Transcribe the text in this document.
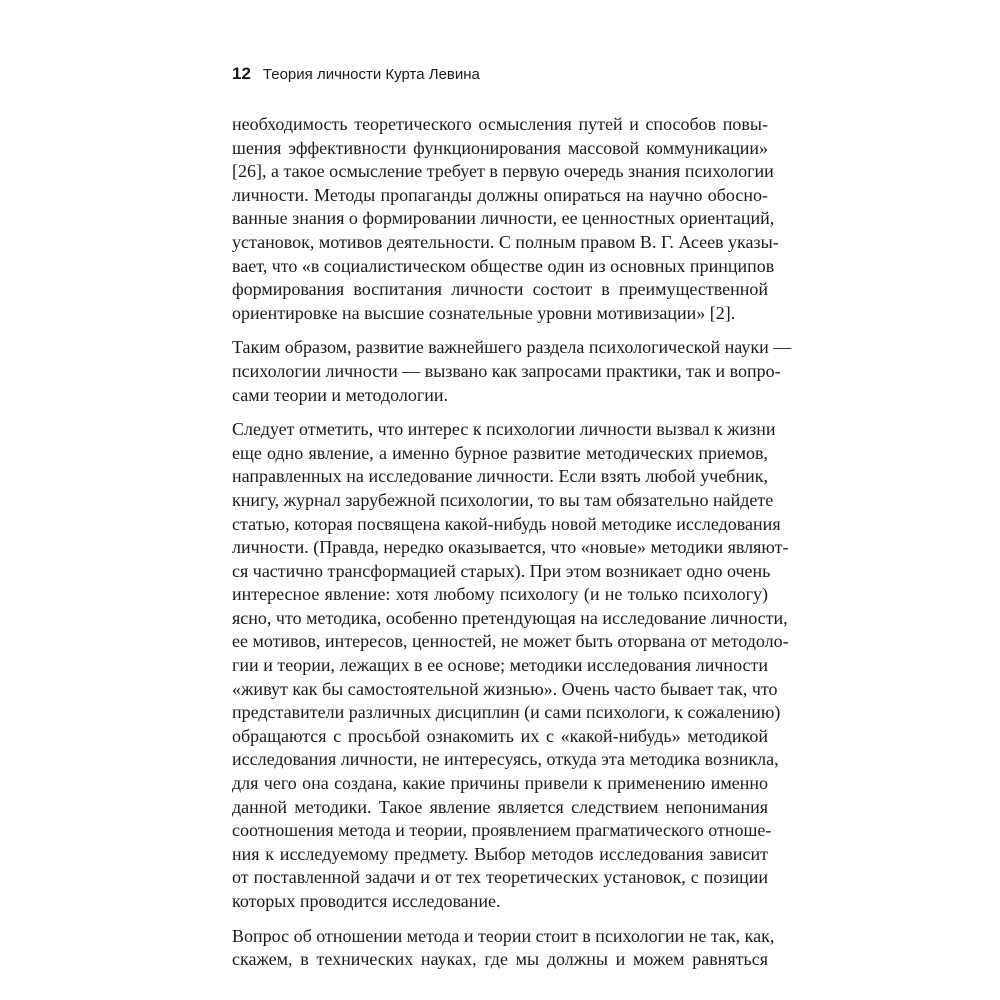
12 Теория личности Курта Левина
необходимость теоретического осмысления путей и способов повы-
шения эффективности функционирования массовой коммуникации»
[26], а такое осмысление требует в первую очередь знания психологии
личности. Методы пропаганды должны опираться на научно обосно-
ванные знания о формировании личности, ее ценностных ориентаций,
установок, мотивов деятельности. С полным правом В. Г. Асеев указы-
вает, что «в социалистическом обществе один из основных принципов
формирования воспитания личности состоит в преимущественной
ориентировке на высшие сознательные уровни мотивизации» [2].
Таким образом, развитие важнейшего раздела психологической науки —
психологии личности — вызвано как запросами практики, так и вопро-
сами теории и методологии.
Следует отметить, что интерес к психологии личности вызвал к жизни
еще одно явление, а именно бурное развитие методических приемов,
направленных на исследование личности. Если взять любой учебник,
книгу, журнал зарубежной психологии, то вы там обязательно найдете
статью, которая посвящена какой-нибудь новой методике исследования
личности. (Правда, нередко оказывается, что «новые» методики являют-
ся частично трансформацией старых). При этом возникает одно очень
интересное явление: хотя любому психологу (и не только психологу)
ясно, что методика, особенно претендующая на исследование личности,
ее мотивов, интересов, ценностей, не может быть оторвана от методоло-
гии и теории, лежащих в ее основе; методики исследования личности
«живут как бы самостоятельной жизнью». Очень часто бывает так, что
представители различных дисциплин (и сами психологи, к сожалению)
обращаются с просьбой ознакомить их с «какой-нибудь» методикой
исследования личности, не интересуясь, откуда эта методика возникла,
для чего она создана, какие причины привели к применению именно
данной методики. Такое явление является следствием непонимания
соотношения метода и теории, проявлением прагматического отноше-
ния к исследуемому предмету. Выбор методов исследования зависит
от поставленной задачи и от тех теоретических установок, с позиции
которых проводится исследование.
Вопрос об отношении метода и теории стоит в психологии не так, как,
скажем, в технических науках, где мы должны и можем равняться
